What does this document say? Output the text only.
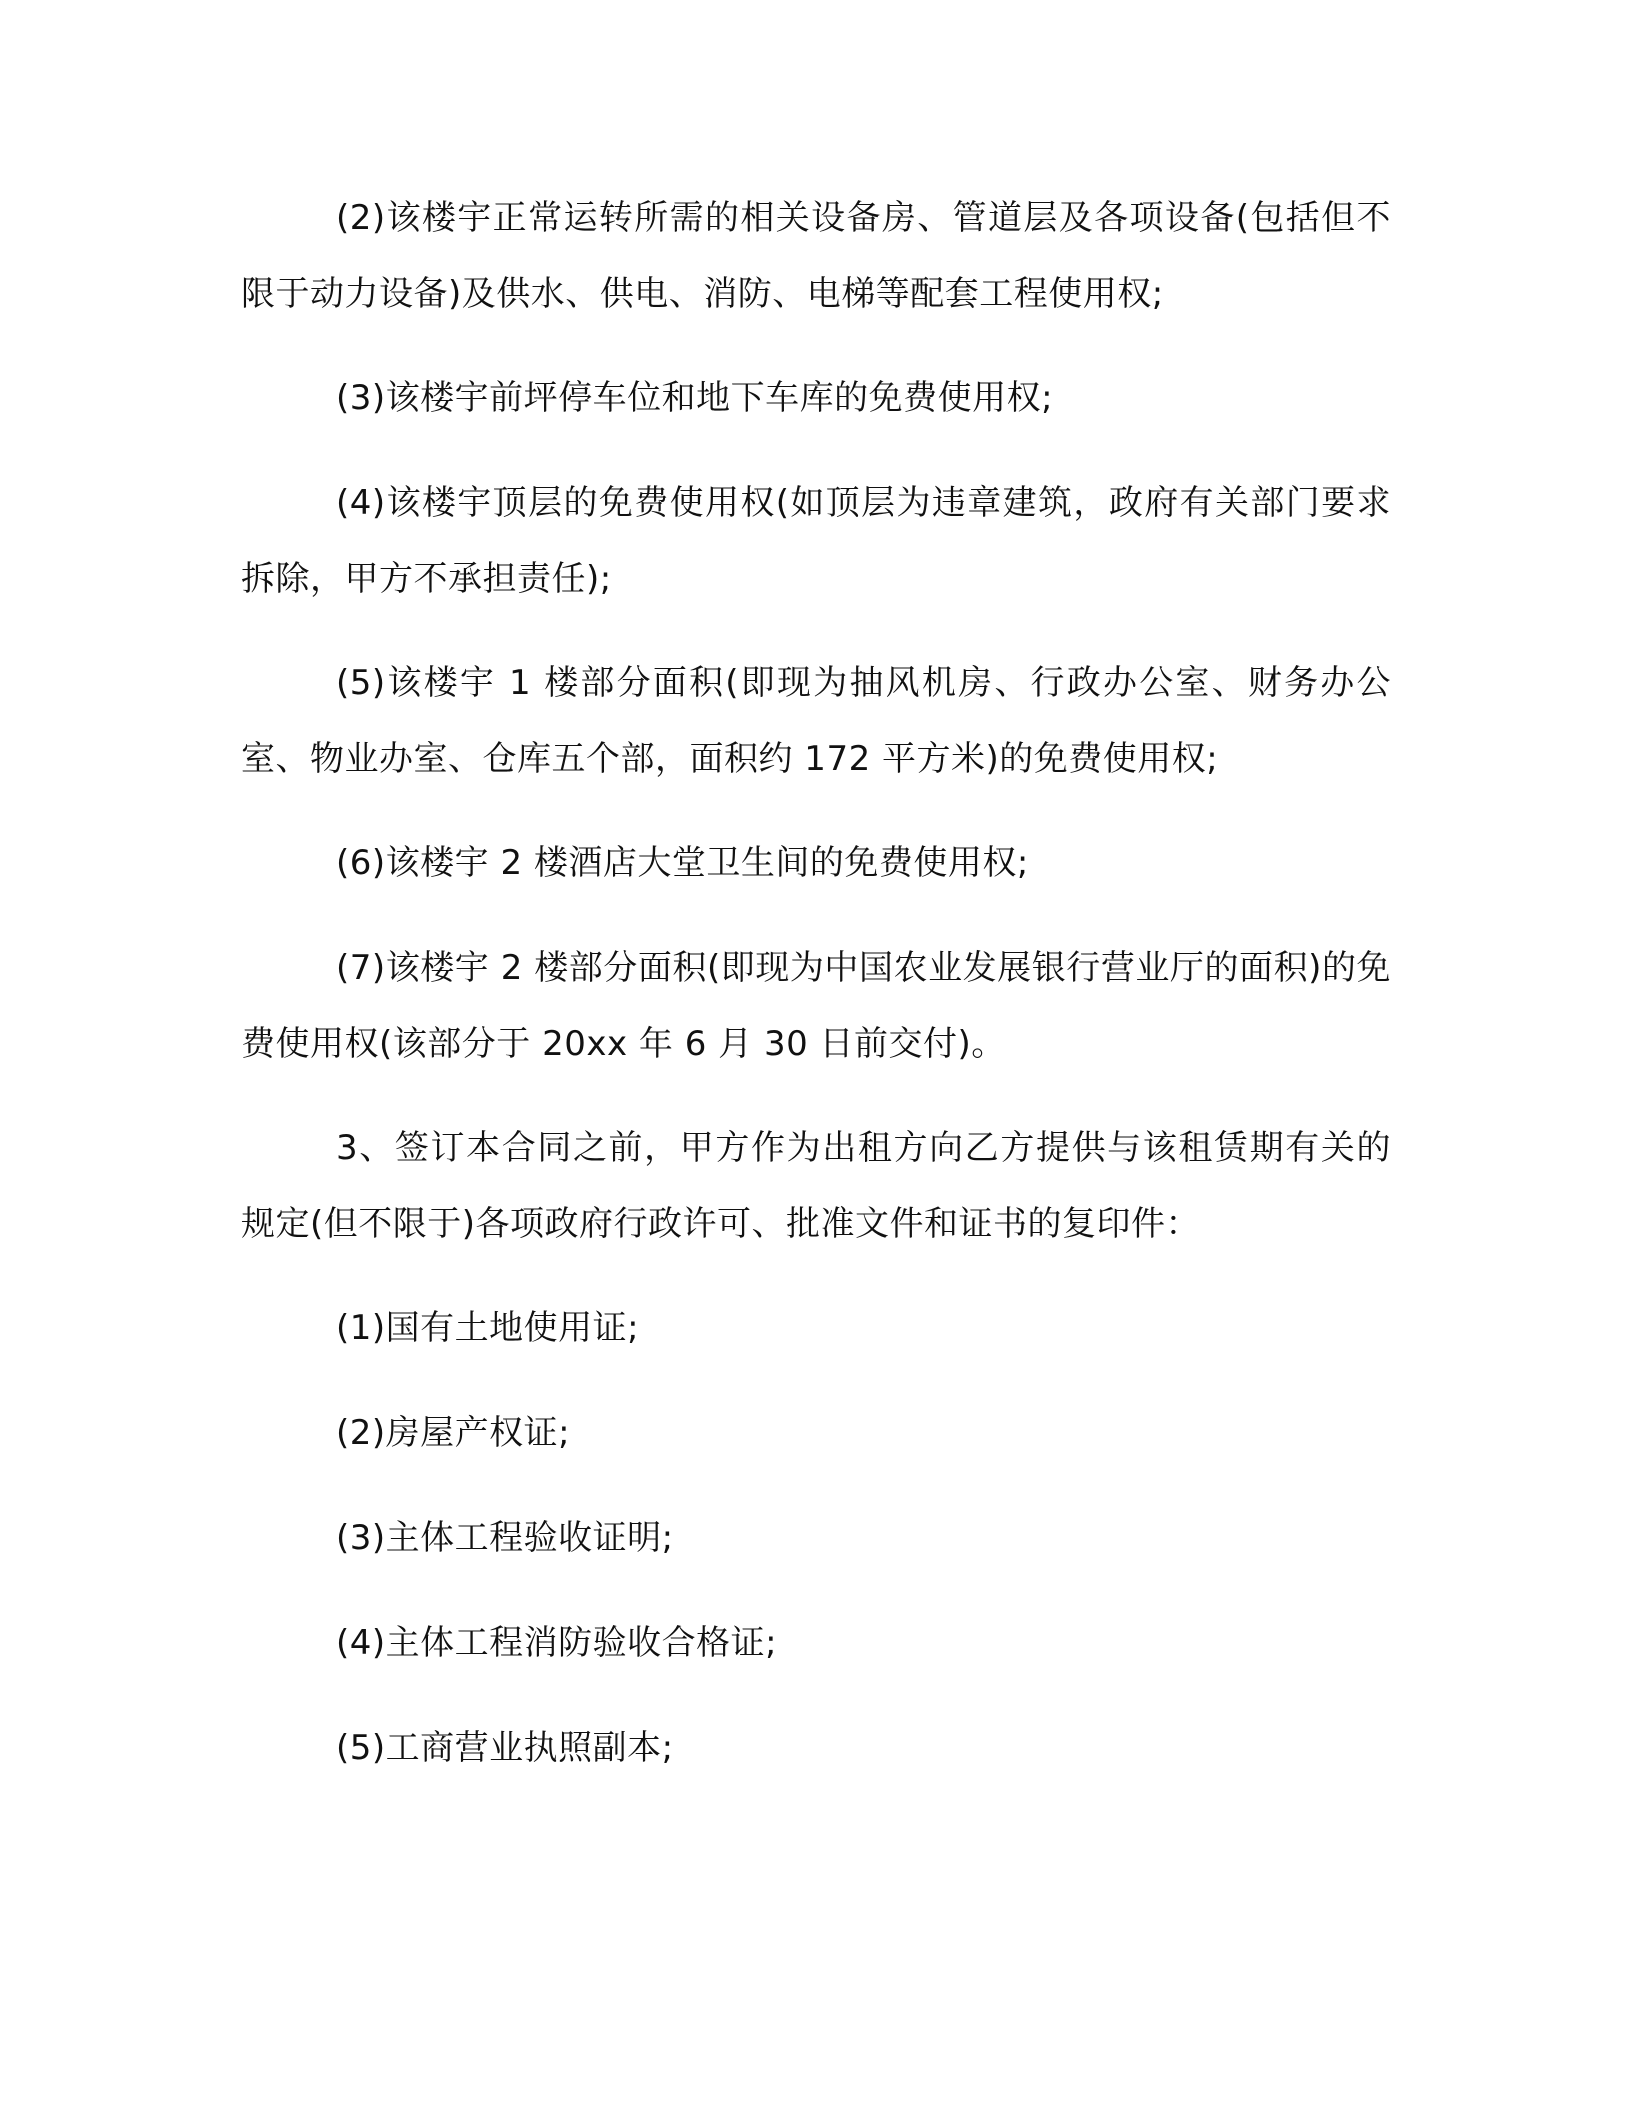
(2)该楼宇正常运转所需的相关设备房、管道层及各项设备(包括但不限于动力设备)及供水、供电、消防、电梯等配套工程使用权;

(3)该楼宇前坪停车位和地下车库的免费使用权;

(4)该楼宇顶层的免费使用权(如顶层为违章建筑，政府有关部门要求拆除，甲方不承担责任);

(5)该楼宇 1 楼部分面积(即现为抽风机房、行政办公室、财务办公室、物业办室、仓库五个部，面积约 172 平方米)的免费使用权;

(6)该楼宇 2 楼酒店大堂卫生间的免费使用权;

(7)该楼宇 2 楼部分面积(即现为中国农业发展银行营业厅的面积)的免费使用权(该部分于 20xx 年 6 月 30 日前交付)。

3、签订本合同之前，甲方作为出租方向乙方提供与该租赁期有关的规定(但不限于)各项政府行政许可、批准文件和证书的复印件：

(1)国有土地使用证;

(2)房屋产权证;

(3)主体工程验收证明;

(4)主体工程消防验收合格证;

(5)工商营业执照副本;
